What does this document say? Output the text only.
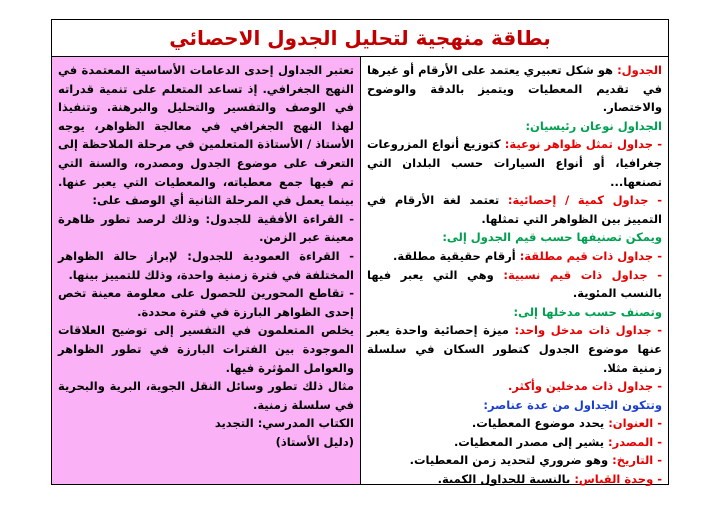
بطاقة منهجية لتحليل الجدول الاحصائي
الجدول: هو شكل تعبيري يعتمد على الأرقام أو غيرها في تقديم المعطيات ويتميز بالدقة والوضوح والاختصار.
الجداول نوعان رئيسيان:
- جداول تمثل ظواهر نوعية: كتوزيع أنواع المزروعات جغرافيا، أو أنواع السيارات حسب البلدان التي تصنعها...
- جداول كمية / إحصائية: تعتمد لغة الأرقام في التمييز بين الظواهر التي تمثلها.
ويمكن تصنيفها حسب قيم الجدول إلى:
- جداول ذات قيم مطلقة: أرقام حقيقية مطلقة.
- جداول ذات قيم نسبية: وهي التي يعبر فيها بالنسب المئوية.
وتصنف حسب مدخلها إلى:
- جداول ذات مدخل واحد: ميزة إحصائية واحدة يعبر عنها موضوع الجدول كتطور السكان في سلسلة زمنية مثلا.
- جداول ذات مدخلين وأكثر.
وتتكون الجداول من عدة عناصر:
- العنوان: يحدد موضوع المعطيات.
- المصدر: يشير إلى مصدر المعطيات.
- التاريخ: وهو ضروري لتحديد زمن المعطيات.
- وحدة القياس: بالنسبة للجداول الكمية.
تعتبر الجداول إحدى الدعامات الأساسية المعتمدة في النهج الجغرافي. إذ تساعد المتعلم على تنمية قدراته في الوصف والتفسير والتحليل والبرهنة. وتنفيذا لهذا النهج الجغرافي في معالجة الظواهر، يوجه الأستاذ / الأستاذة المتعلمين في مرحلة الملاحظة إلى التعرف على موضوع الجدول ومصدره، والسنة التي تم فيها جمع معطياته، والمعطيات التي يعبر عنها. بينما يعمل في المرحلة الثانية أي الوصف على:
- القراءة الأفقية للجدول: وذلك لرصد تطور ظاهرة معينة عبر الزمن.
- القراءة العمودية للجدول: لإبراز حالة الظواهر المختلفة في فترة زمنية واحدة، وذلك للتمييز بينها.
- تقاطع المحورين للحصول على معلومة معينة تخص إحدى الظواهر البارزة في فترة محددة.
يخلص المتعلمون في التفسير إلى توضيح العلاقات الموجودة بين الفترات البارزة في تطور الظواهر والعوامل المؤثرة فيها.
مثال ذلك تطور وسائل النقل الجوية، البرية والبحرية في سلسلة زمنية.
الكتاب المدرسي: التجديد
(دليل الأستاذ)
